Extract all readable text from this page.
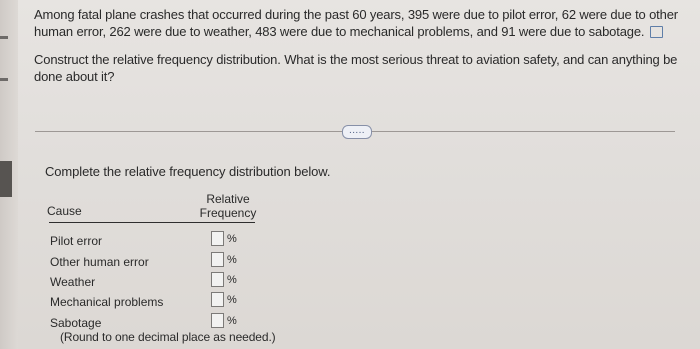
Among fatal plane crashes that occurred during the past 60 years, 395 were due to pilot error, 62 were due to other human error, 262 were due to weather, 483 were due to mechanical problems, and 91 were due to sabotage.
Construct the relative frequency distribution. What is the most serious threat to aviation safety, and can anything be done about it?
.....
Complete the relative frequency distribution below.
Cause
Relative
Frequency
Pilot error	%
Other human error	%
Weather	%
Mechanical problems	%
Sabotage	%
(Round to one decimal place as needed.)
